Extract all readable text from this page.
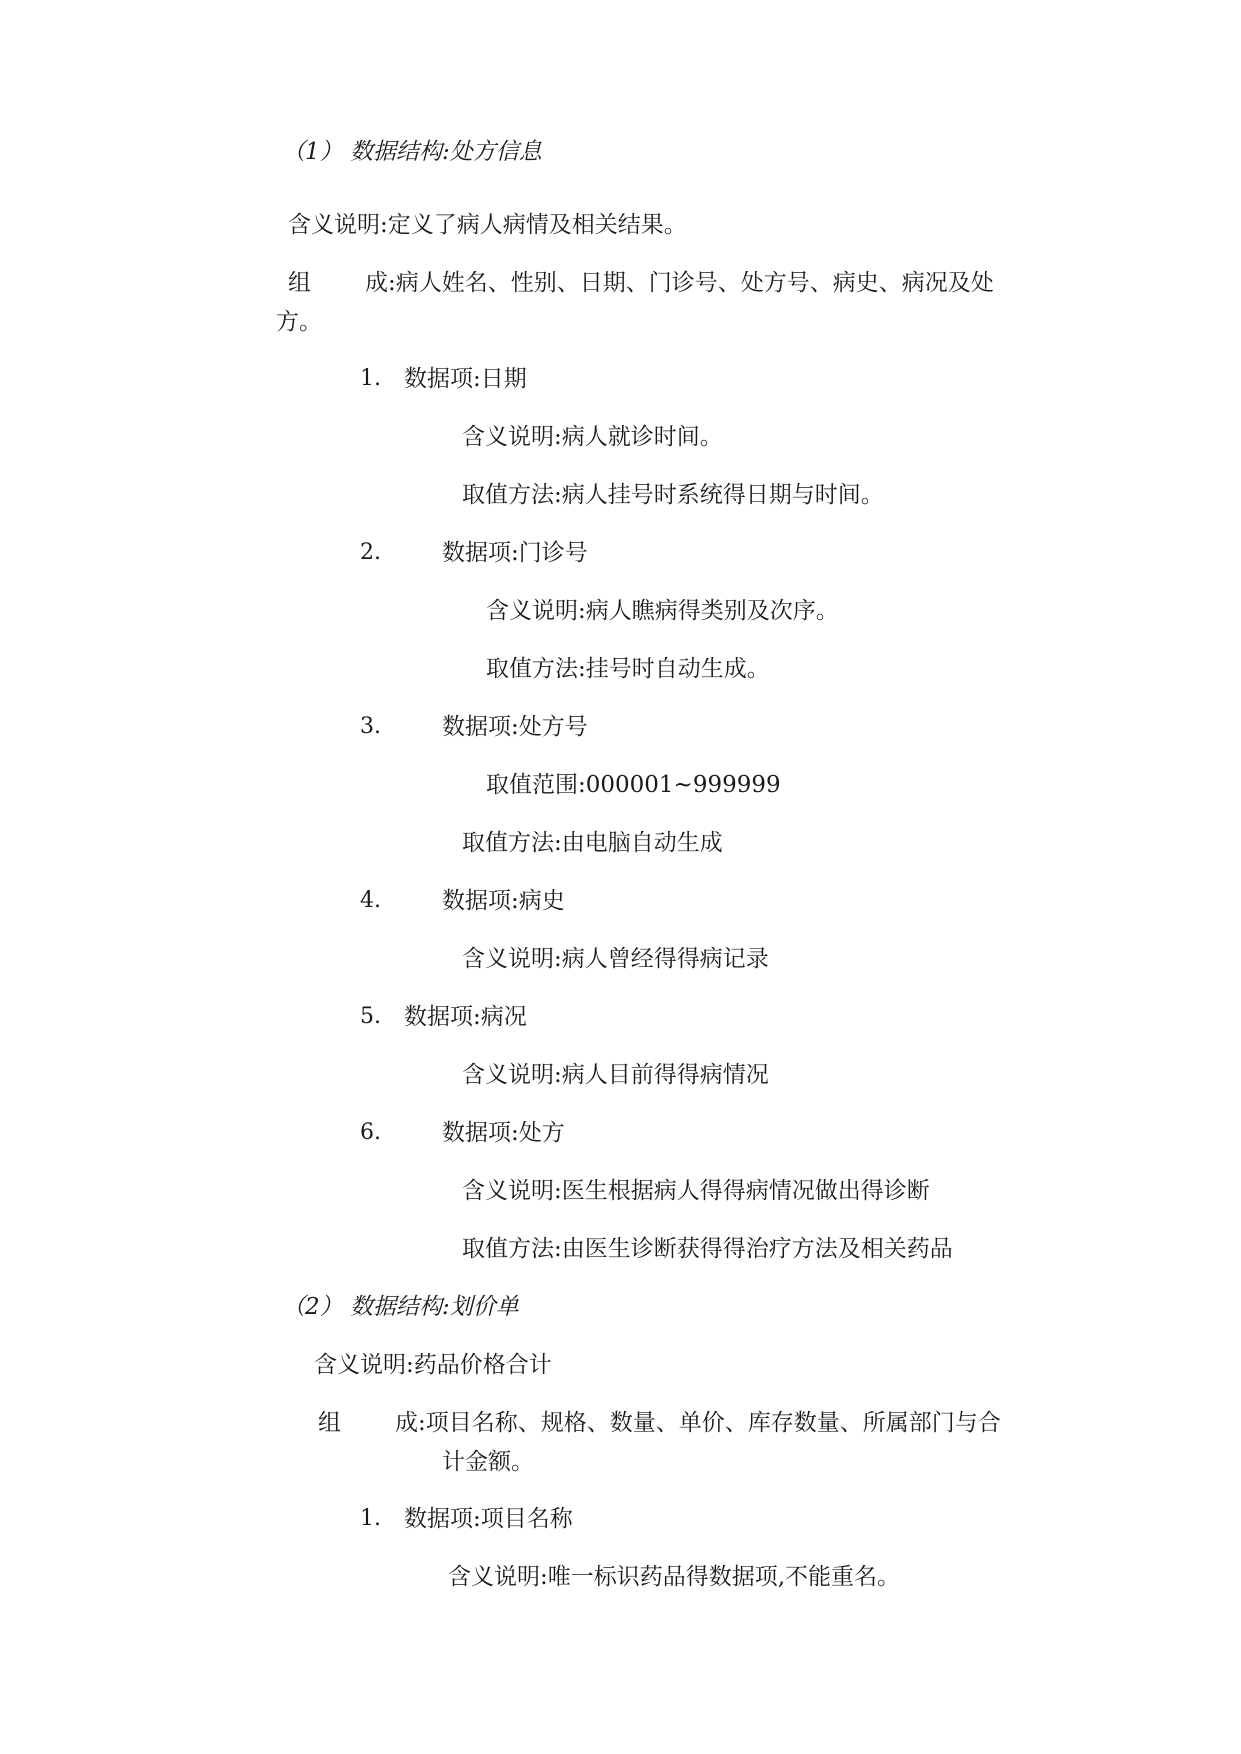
（1） 数据结构:处方信息
含义说明:定义了病人病情及相关结果。
组 成:病人姓名、性别、日期、门诊号、处方号、病史、病况及处
方。
1. 数据项:日期
含义说明:病人就诊时间。
取值方法:病人挂号时系统得日期与时间。
2.	数据项:门诊号
含义说明:病人瞧病得类别及次序。
取值方法:挂号时自动生成。
3.	数据项:处方号
取值范围:000001~999999
取值方法:由电脑自动生成
4.	数据项:病史
含义说明:病人曾经得得病记录
5. 数据项:病况
含义说明:病人目前得得病情况
6.	数据项:处方
含义说明:医生根据病人得得病情况做出得诊断
取值方法:由医生诊断获得得治疗方法及相关药品
（2） 数据结构:划价单
含义说明:药品价格合计
组 成:项目名称、规格、数量、单价、库存数量、所属部门与合
计金额。
1. 数据项:项目名称
含义说明:唯一标识药品得数据项,不能重名。
